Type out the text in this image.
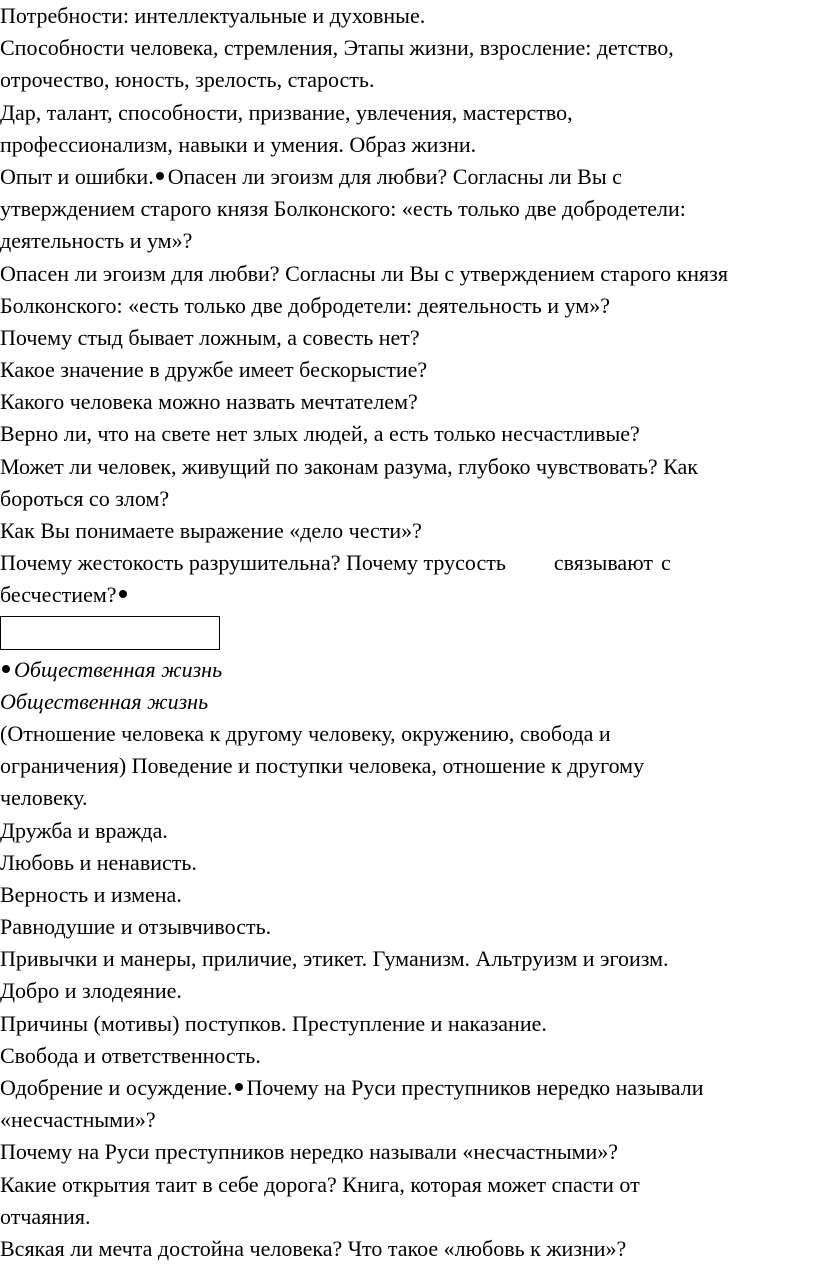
Потребности: интеллектуальные и духовные.
Способности человека, стремления, Этапы жизни, взросление: детство,
отрочество, юность, зрелость, старость.
Дар, талант, способности, призвание, увлечения, мастерство,
профессионализм, навыки и умения. Образ жизни.
Опыт и ошибки. Опасен ли эгоизм для любви? Согласны ли Вы с
утверждением старого князя Болконского: «есть только две добродетели:
деятельность и ум»?
Опасен ли эгоизм для любви? Согласны ли Вы с утверждением старого князя
Болконского: «есть только две добродетели: деятельность и ум»?
Почему стыд бывает ложным, а совесть нет?
Какое значение в дружбе имеет бескорыстие?
Какого человека можно назвать мечтателем?
Верно ли, что на свете нет злых людей, а есть только несчастливые?
Может ли человек, живущий по законам разума, глубоко чувствовать? Как
бороться со злом?
Как Вы понимаете выражение «дело чести»?
Почему жестокость разрушительна? Почему трусость связывают с
бесчестием?
Общественная жизнь
Общественная жизнь
(Отношение человека к другому человеку, окружению, свобода и
ограничения) Поведение и поступки человека, отношение к другому
человеку.
Дружба и вражда.
Любовь и ненависть.
Верность и измена.
Равнодушие и отзывчивость.
Привычки и манеры, приличие, этикет. Гуманизм. Альтруизм и эгоизм.
Добро и злодеяние.
Причины (мотивы) поступков. Преступление и наказание.
Свобода и ответственность.
Одобрение и осуждение. Почему на Руси преступников нередко называли
«несчастными»?
Почему на Руси преступников нередко называли «несчастными»?
Какие открытия таит в себе дорога? Книга, которая может спасти от
отчаяния.
Всякая ли мечта достойна человека? Что такое «любовь к жизни»?
